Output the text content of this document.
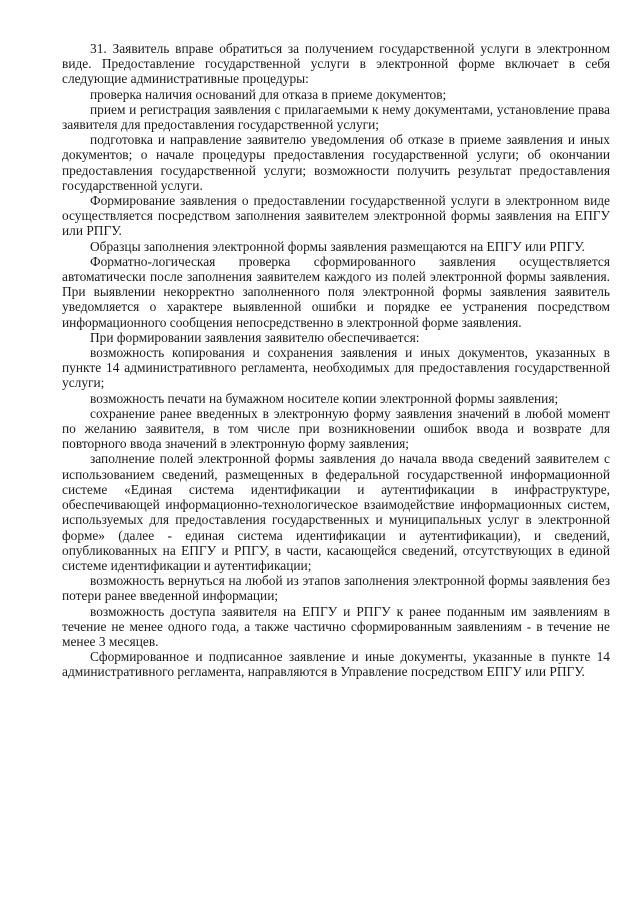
31. Заявитель вправе обратиться за получением государственной услуги в электронном виде. Предоставление государственной услуги в электронной форме включает в себя следующие административные процедуры:

проверка наличия оснований для отказа в приеме документов;

прием и регистрация заявления с прилагаемыми к нему документами, установление права заявителя для предоставления государственной услуги;

подготовка и направление заявителю уведомления об отказе в приеме заявления и иных документов; о начале процедуры предоставления государственной услуги; об окончании предоставления государственной услуги; возможности получить результат предоставления государственной услуги.

Формирование заявления о предоставлении государственной услуги в электронном виде осуществляется посредством заполнения заявителем электронной формы заявления на ЕПГУ или РПГУ.

Образцы заполнения электронной формы заявления размещаются на ЕПГУ или РПГУ.

Форматно-логическая проверка сформированного заявления осуществляется автоматически после заполнения заявителем каждого из полей электронной формы заявления. При выявлении некорректно заполненного поля электронной формы заявления заявитель уведомляется о характере выявленной ошибки и порядке ее устранения посредством информационного сообщения непосредственно в электронной форме заявления.

При формировании заявления заявителю обеспечивается:

возможность копирования и сохранения заявления и иных документов, указанных в пункте 14 административного регламента, необходимых для предоставления государственной услуги;

возможность печати на бумажном носителе копии электронной формы заявления;

сохранение ранее введенных в электронную форму заявления значений в любой момент по желанию заявителя, в том числе при возникновении ошибок ввода и возврате для повторного ввода значений в электронную форму заявления;

заполнение полей электронной формы заявления до начала ввода сведений заявителем с использованием сведений, размещенных в федеральной государственной информационной системе «Единая система идентификации и аутентификации в инфраструктуре, обеспечивающей информационно-технологическое взаимодействие информационных систем, используемых для предоставления государственных и муниципальных услуг в электронной форме» (далее - единая система идентификации и аутентификации), и сведений, опубликованных на ЕПГУ и РПГУ, в части, касающейся сведений, отсутствующих в единой системе идентификации и аутентификации;

возможность вернуться на любой из этапов заполнения электронной формы заявления без потери ранее введенной информации;

возможность доступа заявителя на ЕПГУ и РПГУ к ранее поданным им заявлениям в течение не менее одного года, а также частично сформированным заявлениям - в течение не менее 3 месяцев.

Сформированное и подписанное заявление и иные документы, указанные в пункте 14 административного регламента, направляются в Управление посредством ЕПГУ или РПГУ.
